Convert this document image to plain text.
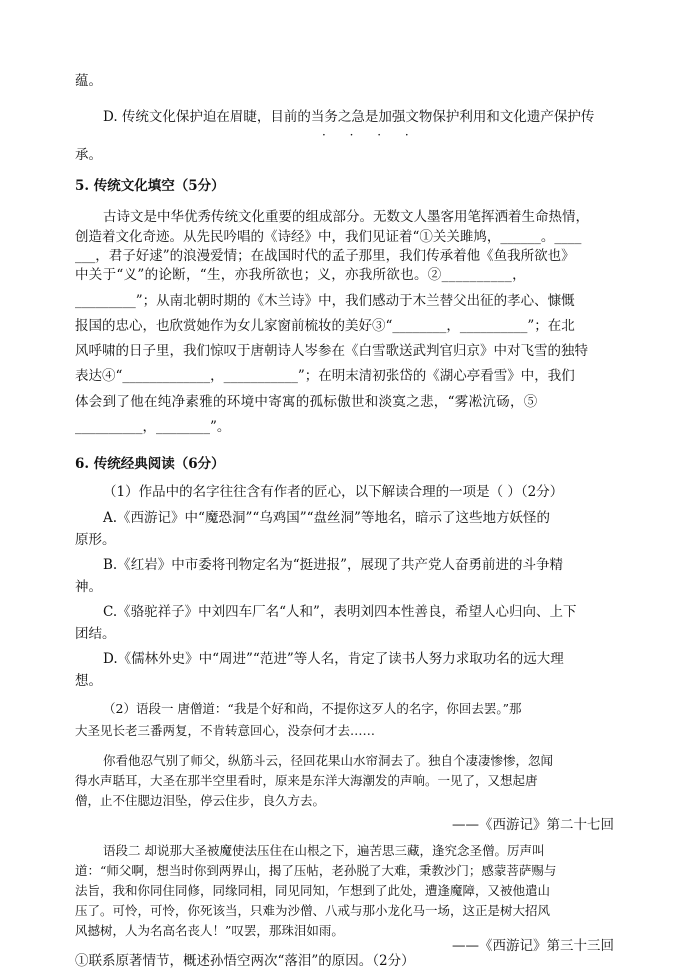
蕴。
D. 传统文化保护迫在眉睫，目前的当务之急是加强文物保护利用和文化遗产保护传
· · · ·
承。
5. 传统文化填空（5分）
古诗文是中华优秀传统文化重要的组成部分。无数文人墨客用笔挥洒着生命热情，
创造着文化奇迹。从先民吟唱的《诗经》中，我们见证着“①关关雎鸠，______。____
___，君子好逑”的浪漫爱情；在战国时代的孟子那里，我们传承着他《鱼我所欲也》
中关于“义”的论断，“生，亦我所欲也；义，亦我所欲也。②__________，
_________”；从南北朝时期的《木兰诗》中，我们感动于木兰替父出征的孝心、慷慨
报国的忠心，也欣赏她作为女儿家窗前梳妆的美好③“________，__________”；在北
风呼啸的日子里，我们惊叹于唐朝诗人岑参在《白雪歌送武判官归京》中对飞雪的独特
表达④“_____________，___________”；在明末清初张岱的《湖心亭看雪》中，我们
体会到了他在纯净素雅的环境中寄寓的孤标傲世和淡寞之悲，“雾凇沆砀，⑤
__________，________”。
6. 传统经典阅读（6分）
（1）作品中的名字往往含有作者的匠心，以下解读合理的一项是（ ）（2分）
A.《西游记》中“魔恐洞”“乌鸡国”“盘丝洞”等地名，暗示了这些地方妖怪的
原形。
B.《红岩》中市委将刊物定名为“挺进报”，展现了共产党人奋勇前进的斗争精
神。
C.《骆驼祥子》中刘四车厂名“人和”，表明刘四本性善良，希望人心归向、上下
团结。
D.《儒林外史》中“周进”“范进”等人名，肯定了读书人努力求取功名的远大理
想。
（2）语段一 唐僧道：“我是个好和尚，不提你这歹人的名字，你回去罢。”那
大圣见长老三番两复，不肯转意回心，没奈何才去……
你看他忍气别了师父，纵筋斗云，径回花果山水帘洞去了。独自个凄凄惨惨，忽闻
得水声聒耳，大圣在那半空里看时，原来是东洋大海潮发的声响。一见了，又想起唐
僧，止不住腮边泪坠，停云住步，良久方去。
——《西游记》第二十七回
语段二 却说那大圣被魔使法压住在山根之下，遍苦思三藏，逢究念圣僧。厉声叫
道：“师父啊，想当时你到两界山，揭了压帖，老孙脱了大难，秉教沙门；感蒙菩萨赐与
法旨，我和你同住同修，同缘同相，同见同知，乍想到了此处，遭逢魔障，又被他遣山
压了。可怜，可怜，你死该当，只难为沙僧、八戒与那小龙化马一场，这正是树大招风
风撼树，人为名高名丧人！”叹罢，那珠泪如雨。
——《西游记》第三十三回
①联系原著情节，概述孙悟空两次“落泪”的原因。（2分）
